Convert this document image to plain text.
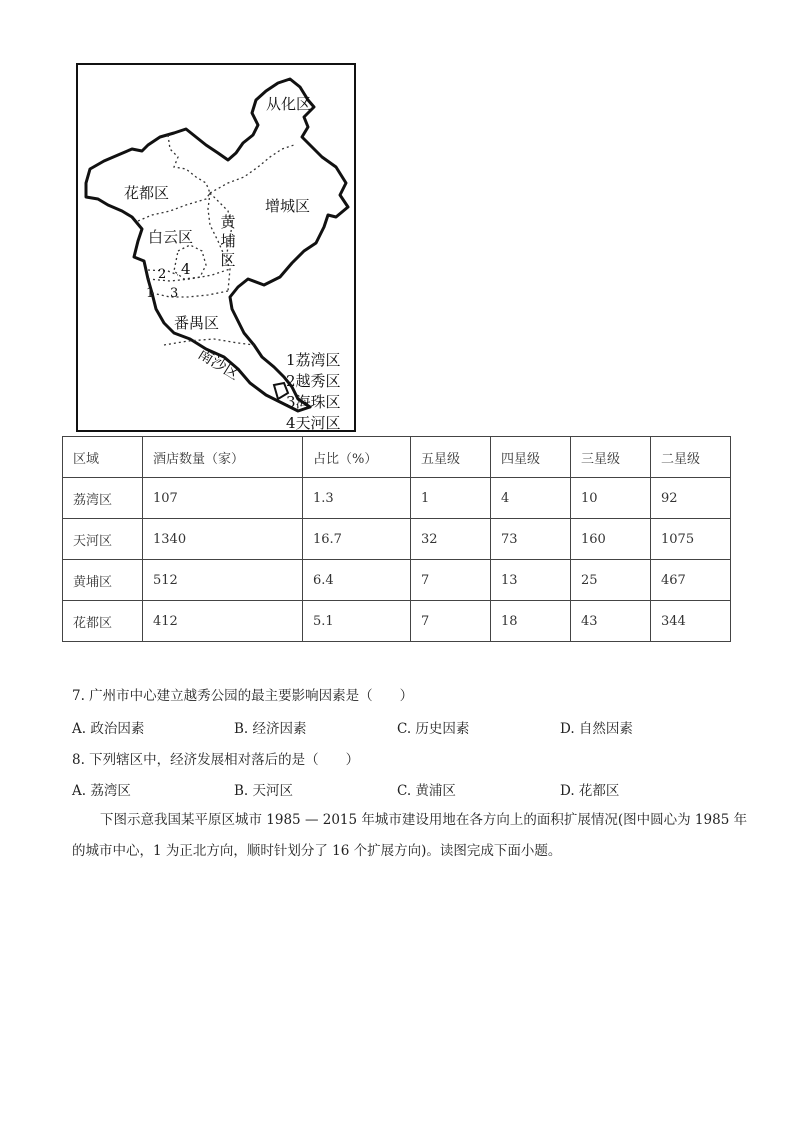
从化区
花都区
增城区
白云区
黄埔区
番禺区
南沙区
4
2
1 3
1荔湾区
2越秀区
3海珠区
4天河区
区域	酒店数量（家）	占比（%）	五星级	四星级	三星级	二星级
荔湾区	107	1.3	1	4	10	92
天河区	1340	16.7	32	73	160	1075
黄埔区	512	6.4	7	13	25	467
花都区	412	5.1	7	18	43	344
7. 广州市中心建立越秀公园的最主要影响因素是（　　）
A. 政治因素	B. 经济因素	C. 历史因素	D. 自然因素
8. 下列辖区中，经济发展相对落后的是（　　）
A. 荔湾区	B. 天河区	C. 黄浦区	D. 花都区
下图示意我国某平原区城市 1985 — 2015 年城市建设用地在各方向上的面积扩展情况(图中圆心为 1985 年的城市中心，1 为正北方向，顺时针划分了 16 个扩展方向)。读图完成下面小题。
